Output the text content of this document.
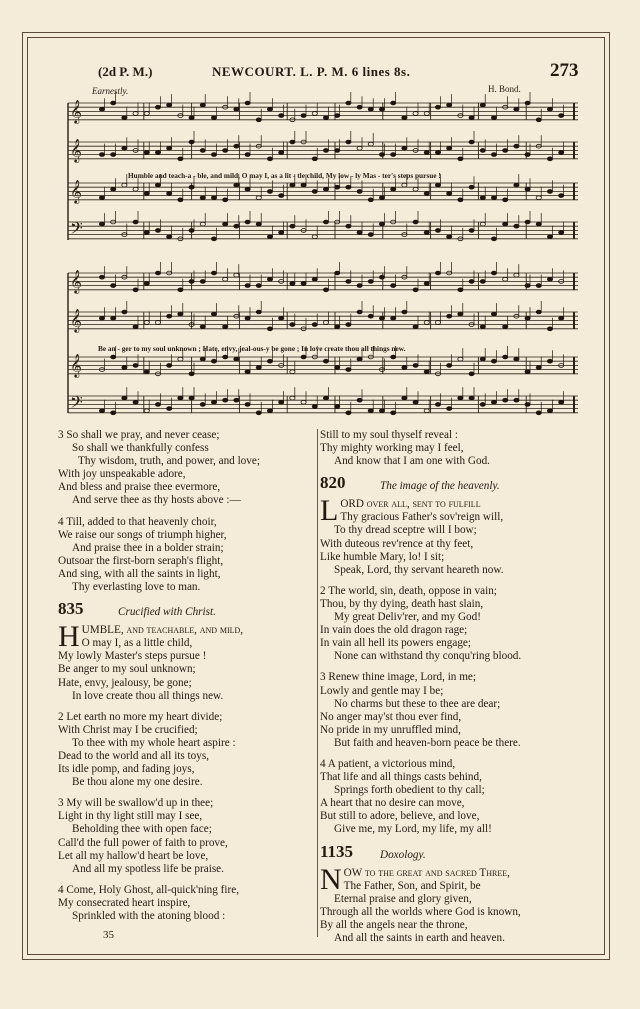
(2d P. M.)	NEWCOURT. L. P. M. 6 lines 8s.	273
H. Bond.
Earnestly.
𝄞
𝄞
𝄞
𝄢
𝄞
𝄞
𝄞
𝄢
Humble and teach-a - ble, and mild, O may I, as a lit - tle child, My low - ly Mas - ter's steps pursue !
Be an - ger to my soul unknown ; Hate, envy, jeal-ous-y be gone ; In love create thou all things new.
3 So shall we pray, and never cease;
So shall we thankfully confess
Thy wisdom, truth, and power, and love;
With joy unspeakable adore,
And bless and praise thee evermore,
And serve thee as thy hosts above :—
4 Till, added to that heavenly choir,
We raise our songs of triumph higher,
And praise thee in a bolder strain;
Outsoar the first-born seraph's flight,
And sing, with all the saints in light,
Thy everlasting love to man.
835	Crucified with Christ.
HUMBLE, and teachable, and mild,
O may I, as a little child,
My lowly Master's steps pursue !
Be anger to my soul unknown;
Hate, envy, jealousy, be gone;
In love create thou all things new.
2 Let earth no more my heart divide;
With Christ may I be crucified;
To thee with my whole heart aspire :
Dead to the world and all its toys,
Its idle pomp, and fading joys,
Be thou alone my one desire.
3 My will be swallow'd up in thee;
Light in thy light still may I see,
Beholding thee with open face;
Call'd the full power of faith to prove,
Let all my hallow'd heart be love,
And all my spotless life be praise.
4 Come, Holy Ghost, all-quick'ning fire,
My consecrated heart inspire,
Sprinkled with the atoning blood :
Still to my soul thyself reveal :
Thy mighty working may I feel,
And know that I am one with God.
820	The image of the heavenly.
LORD over all, sent to fulfill
Thy gracious Father's sov'reign will,
To thy dread sceptre will I bow;
With duteous rev'rence at thy feet,
Like humble Mary, lo! I sit;
Speak, Lord, thy servant heareth now.
2 The world, sin, death, oppose in vain;
Thou, by thy dying, death hast slain,
My great Deliv'rer, and my God!
In vain does the old dragon rage;
In vain all hell its powers engage;
None can withstand thy conqu'ring blood.
3 Renew thine image, Lord, in me;
Lowly and gentle may I be;
No charms but these to thee are dear;
No anger may'st thou ever find,
No pride in my unruffled mind,
But faith and heaven-born peace be there.
4 A patient, a victorious mind,
That life and all things casts behind,
Springs forth obedient to thy call;
A heart that no desire can move,
But still to adore, believe, and love,
Give me, my Lord, my life, my all!
1135 Doxology.
NOW to the great and sacred Three,
The Father, Son, and Spirit, be
Eternal praise and glory given,
Through all the worlds where God is known,
By all the angels near the throne,
And all the saints in earth and heaven.
35
